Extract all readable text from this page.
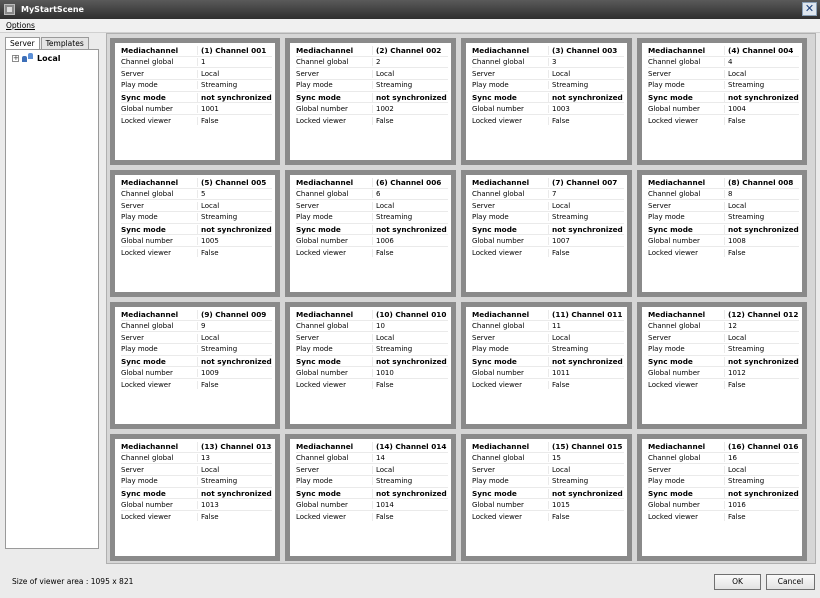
MyStartScene	✕
Options
Server	Templates
+ Local
Mediachannel	(1) Channel 001
Channel global	1
Server	Local
Play mode	Streaming
Sync mode	not synchronized
Global number	1001
Locked viewer	False
Mediachannel	(2) Channel 002
Channel global	2
Server	Local
Play mode	Streaming
Sync mode	not synchronized
Global number	1002
Locked viewer	False
Mediachannel	(3) Channel 003
Channel global	3
Server	Local
Play mode	Streaming
Sync mode	not synchronized
Global number	1003
Locked viewer	False
Mediachannel	(4) Channel 004
Channel global	4
Server	Local
Play mode	Streaming
Sync mode	not synchronized
Global number	1004
Locked viewer	False
Mediachannel	(5) Channel 005
Channel global	5
Server	Local
Play mode	Streaming
Sync mode	not synchronized
Global number	1005
Locked viewer	False
Mediachannel	(6) Channel 006
Channel global	6
Server	Local
Play mode	Streaming
Sync mode	not synchronized
Global number	1006
Locked viewer	False
Mediachannel	(7) Channel 007
Channel global	7
Server	Local
Play mode	Streaming
Sync mode	not synchronized
Global number	1007
Locked viewer	False
Mediachannel	(8) Channel 008
Channel global	8
Server	Local
Play mode	Streaming
Sync mode	not synchronized
Global number	1008
Locked viewer	False
Mediachannel	(9) Channel 009
Channel global	9
Server	Local
Play mode	Streaming
Sync mode	not synchronized
Global number	1009
Locked viewer	False
Mediachannel	(10) Channel 010
Channel global	10
Server	Local
Play mode	Streaming
Sync mode	not synchronized
Global number	1010
Locked viewer	False
Mediachannel	(11) Channel 011
Channel global	11
Server	Local
Play mode	Streaming
Sync mode	not synchronized
Global number	1011
Locked viewer	False
Mediachannel	(12) Channel 012
Channel global	12
Server	Local
Play mode	Streaming
Sync mode	not synchronized
Global number	1012
Locked viewer	False
Mediachannel	(13) Channel 013
Channel global	13
Server	Local
Play mode	Streaming
Sync mode	not synchronized
Global number	1013
Locked viewer	False
Mediachannel	(14) Channel 014
Channel global	14
Server	Local
Play mode	Streaming
Sync mode	not synchronized
Global number	1014
Locked viewer	False
Mediachannel	(15) Channel 015
Channel global	15
Server	Local
Play mode	Streaming
Sync mode	not synchronized
Global number	1015
Locked viewer	False
Mediachannel	(16) Channel 016
Channel global	16
Server	Local
Play mode	Streaming
Sync mode	not synchronized
Global number	1016
Locked viewer	False
Size of viewer area : 1095 x 821	OK	Cancel
